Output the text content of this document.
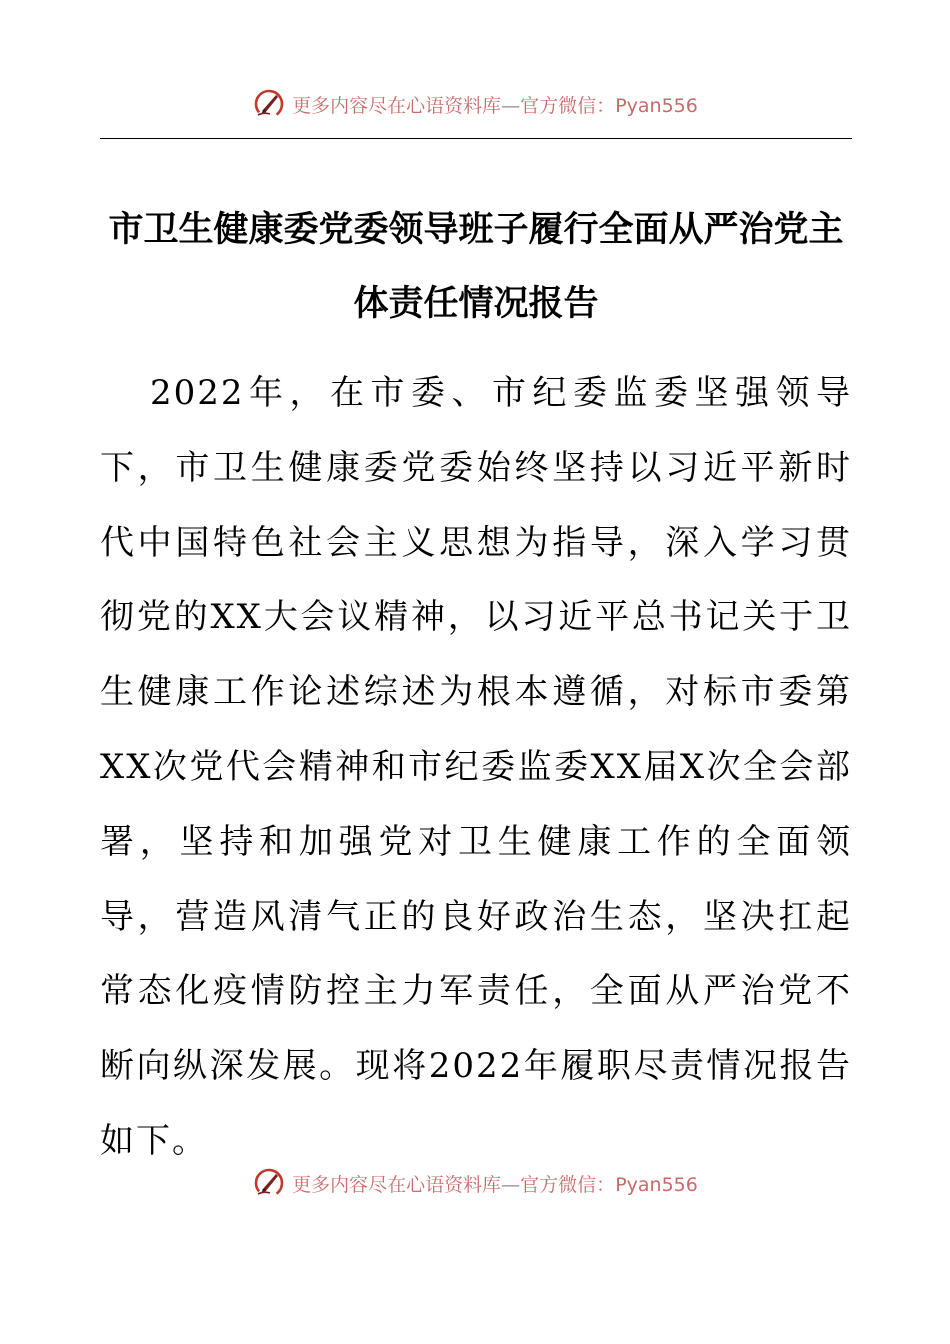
更多内容尽在心语资料库—官方微信：Pyan556
市卫生健康委党委领导班子履行全面从严治党主体责任情况报告

2022年，在市委、市纪委监委坚强领导下，市卫生健康委党委始终坚持以习近平新时代中国特色社会主义思想为指导，深入学习贯彻党的XX大会议精神，以习近平总书记关于卫生健康工作论述综述为根本遵循，对标市委第XX次党代会精神和市纪委监委XX届X次全会部署，坚持和加强党对卫生健康工作的全面领导，营造风清气正的良好政治生态，坚决扛起常态化疫情防控主力军责任，全面从严治党不断向纵深发展。现将2022年履职尽责情况报告如下。

更多内容尽在心语资料库—官方微信：Pyan556
